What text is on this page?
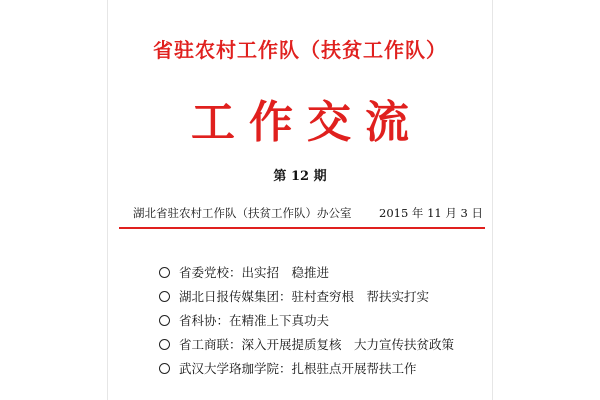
省驻农村工作队（扶贫工作队）
工作交流
第 12 期
湖北省驻农村工作队（扶贫工作队）办公室 2015 年 11 月 3 日
省委党校：出实招　稳推进
湖北日报传媒集团：驻村查穷根　帮扶实打实
省科协：在精准上下真功夫
省工商联：深入开展提质复核　大力宣传扶贫政策
武汉大学珞珈学院：扎根驻点开展帮扶工作
